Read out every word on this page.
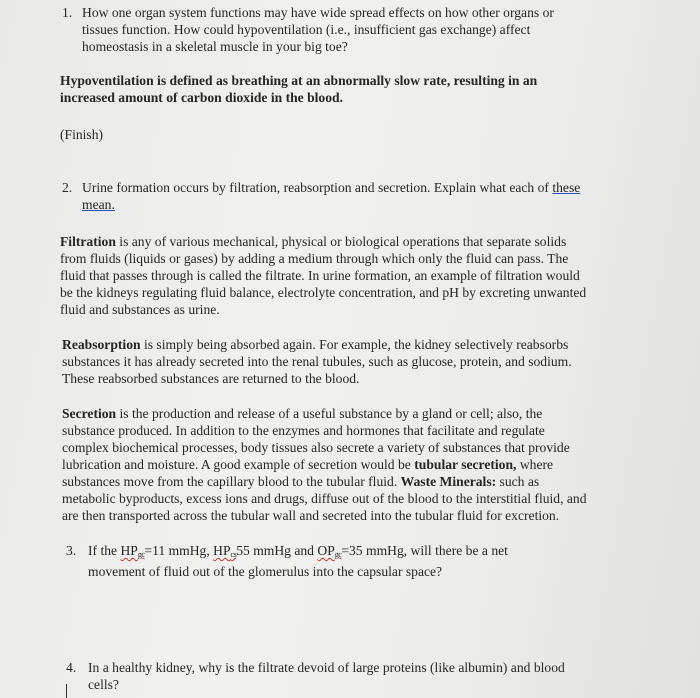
1. How one organ system functions may have wide spread effects on how other organs or
tissues function. How could hypoventilation (i.e., insufficient gas exchange) affect
homeostasis in a skeletal muscle in your big toe?
Hypoventilation is defined as breathing at an abnormally slow rate, resulting in an
increased amount of carbon dioxide in the blood.
(Finish)
2. Urine formation occurs by filtration, reabsorption and secretion. Explain what each of these
mean.
Filtration is any of various mechanical, physical or biological operations that separate solids
from fluids (liquids or gases) by adding a medium through which only the fluid can pass. The
fluid that passes through is called the filtrate. In urine formation, an example of filtration would
be the kidneys regulating fluid balance, electrolyte concentration, and pH by excreting unwanted
fluid and substances as urine.
Reabsorption is simply being absorbed again. For example, the kidney selectively reabsorbs
substances it has already secreted into the renal tubules, such as glucose, protein, and sodium.
These reabsorbed substances are returned to the blood.
Secretion is the production and release of a useful substance by a gland or cell; also, the
substance produced. In addition to the enzymes and hormones that facilitate and regulate
complex biochemical processes, body tissues also secrete a variety of substances that provide
lubrication and moisture. A good example of secretion would be tubular secretion, where
substances move from the capillary blood to the tubular fluid. Waste Minerals: such as
metabolic byproducts, excess ions and drugs, diffuse out of the blood to the interstitial fluid, and
are then transported across the tubular wall and secreted into the tubular fluid for excretion.
3. If the $HP_{gc}=11$ mmHg, $HP_{cs}55$ mmHg and $OP_{gc}=35$ mmHg, will there be a net
movement of fluid out of the glomerulus into the capsular space?
4. In a healthy kidney, why is the filtrate devoid of large proteins (like albumin) and blood
cells?
